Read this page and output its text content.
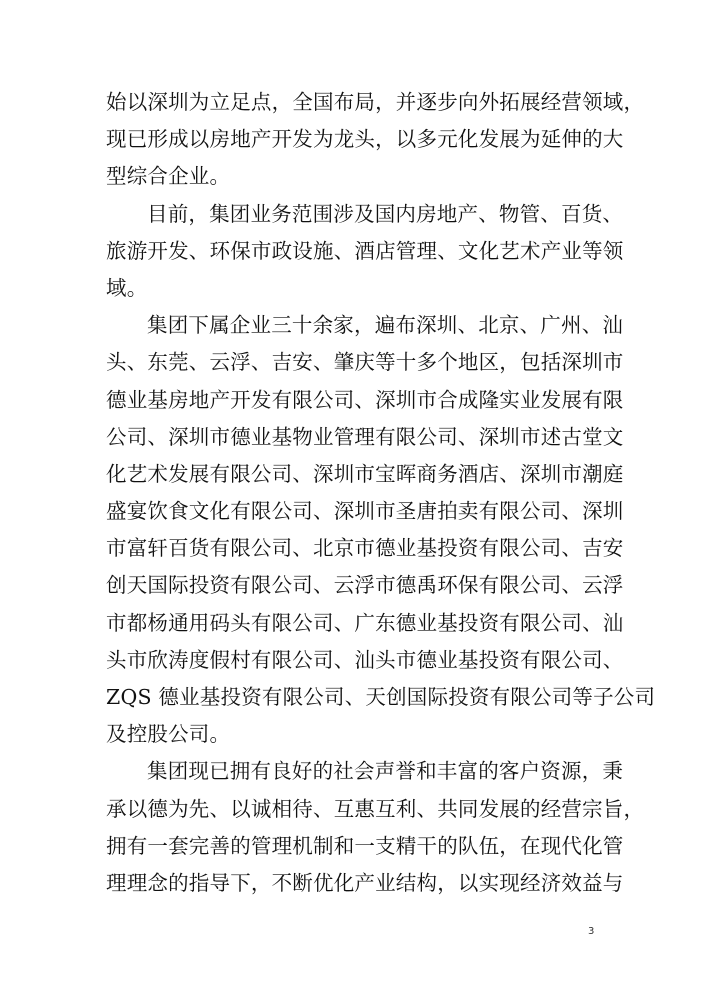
始以深圳为立足点，全国布局，并逐步向外拓展经营领域，
现已形成以房地产开发为龙头，以多元化发展为延伸的大
型综合企业。
目前，集团业务范围涉及国内房地产、物管、百货、
旅游开发、环保市政设施、酒店管理、文化艺术产业等领
域。
集团下属企业三十余家，遍布深圳、北京、广州、汕
头、东莞、云浮、吉安、肇庆等十多个地区，包括深圳市
德业基房地产开发有限公司、深圳市合成隆实业发展有限
公司、深圳市德业基物业管理有限公司、深圳市述古堂文
化艺术发展有限公司、深圳市宝晖商务酒店、深圳市潮庭
盛宴饮食文化有限公司、深圳市圣唐拍卖有限公司、深圳
市富轩百货有限公司、北京市德业基投资有限公司、吉安
创天国际投资有限公司、云浮市德禹环保有限公司、云浮
市都杨通用码头有限公司、广东德业基投资有限公司、汕
头市欣涛度假村有限公司、汕头市德业基投资有限公司、
ZQS 德业基投资有限公司、天创国际投资有限公司等子公司
及控股公司。
集团现已拥有良好的社会声誉和丰富的客户资源，秉
承以德为先、以诚相待、互惠互利、共同发展的经营宗旨，
拥有一套完善的管理机制和一支精干的队伍，在现代化管
理理念的指导下，不断优化产业结构，以实现经济效益与
3
